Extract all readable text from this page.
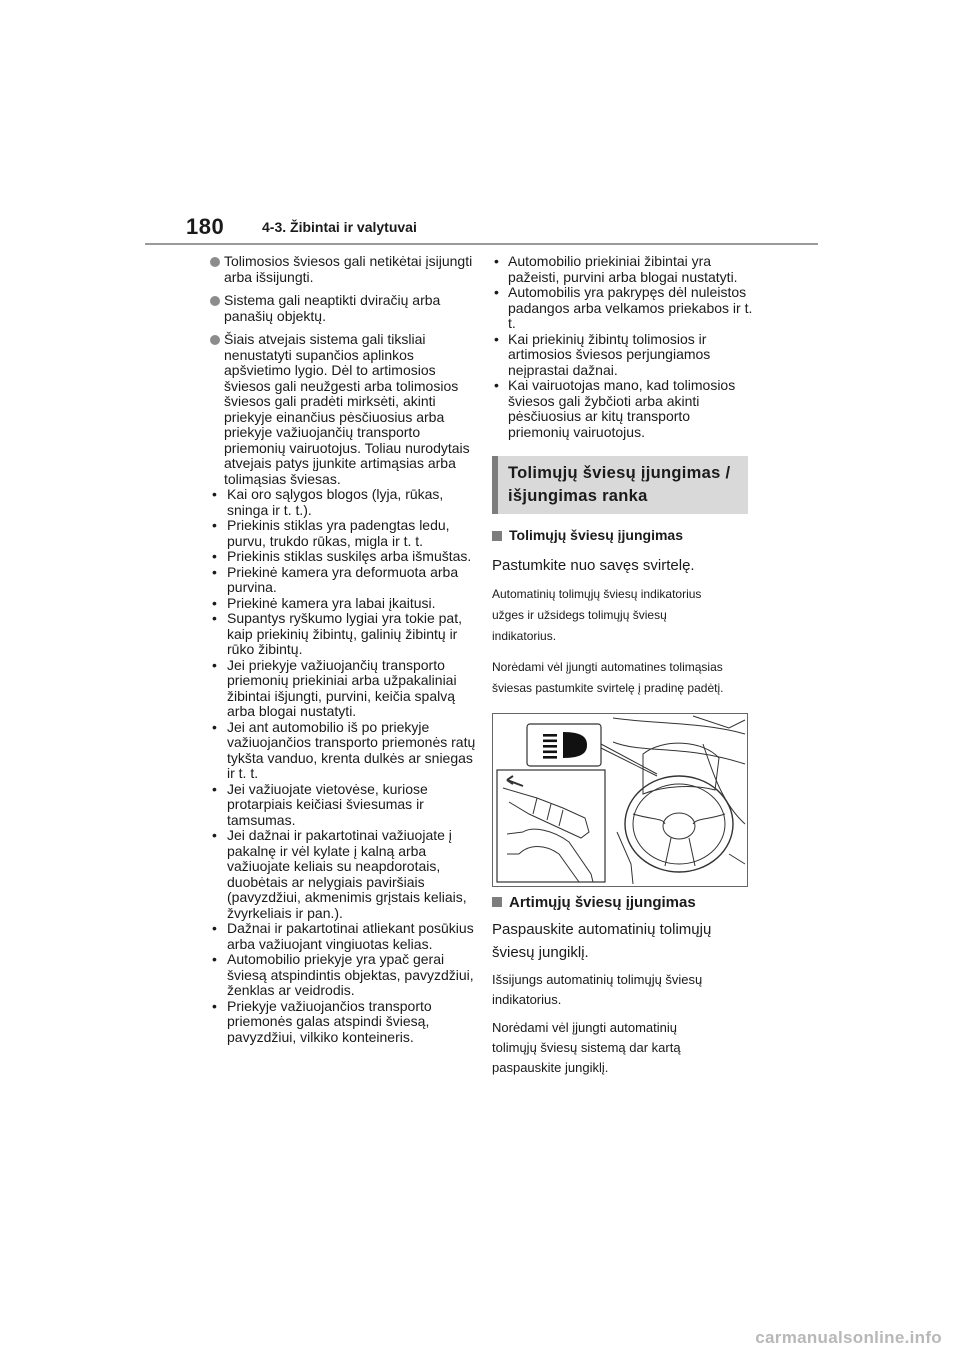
180	4-3. Žibintai ir valytuvai
Tolimosios šviesos gali netikėtai įsijungti arba išsijungti.
Sistema gali neaptikti dviračių arba panašių objektų.
Šiais atvejais sistema gali tiksliai nenustatyti supančios aplinkos apšvietimo lygio. Dėl to artimosios šviesos gali neužgesti arba tolimosios šviesos gali pradėti mirksėti, akinti priekyje einančius pėsčiuosius arba priekyje važiuojančių transporto priemonių vairuotojus. Toliau nurodytais atvejais patys įjunkite artimąsias arba tolimąsias šviesas.
• Kai oro sąlygos blogos (lyja, rūkas, sninga ir t. t.).
• Priekinis stiklas yra padengtas ledu, purvu, trukdo rūkas, migla ir t. t.
• Priekinis stiklas suskilęs arba išmuštas.
• Priekinė kamera yra deformuota arba purvina.
• Priekinė kamera yra labai įkaitusi.
• Supantys ryškumo lygiai yra tokie pat, kaip priekinių žibintų, galinių žibintų ir rūko žibintų.
• Jei priekyje važiuojančių transporto priemonių priekiniai arba užpakaliniai žibintai išjungti, purvini, keičia spalvą arba blogai nustatyti.
• Jei ant automobilio iš po priekyje važiuojančios transporto priemonės ratų tykšta vanduo, krenta dulkės ar sniegas ir t. t.
• Jei važiuojate vietovėse, kuriose protarpiais keičiasi šviesumas ir tamsumas.
• Jei dažnai ir pakartotinai važiuojate į pakalnę ir vėl kylate į kalną arba važiuojate keliais su neapdorotais, duobėtais ar nelygiais paviršiais (pavyzdžiui, akmenimis grįstais keliais, žvyrkeliais ir pan.).
• Dažnai ir pakartotinai atliekant posūkius arba važiuojant vingiuotas kelias.
• Automobilio priekyje yra ypač gerai šviesą atspindintis objektas, pavyzdžiui, ženklas ar veidrodis.
• Priekyje važiuojančios transporto priemonės galas atspindi šviesą, pavyzdžiui, vilkiko konteineris.
• Automobilio priekiniai žibintai yra pažeisti, purvini arba blogai nustatyti.
• Automobilis yra pakrypęs dėl nuleistos padangos arba velkamos priekabos ir t. t.
• Kai priekinių žibintų tolimosios ir artimosios šviesos perjungiamos neįprastai dažnai.
• Kai vairuotojas mano, kad tolimosios šviesos gali žybčioti arba akinti pėsčiuosius ar kitų transporto priemonių vairuotojus.
Tolimųjų šviesų įjungimas /
išjungimas ranka
Tolimųjų šviesų įjungimas
Pastumkite nuo savęs svirtelę.
Automatinių tolimųjų šviesų indikatorius
užges ir užsidegs tolimųjų šviesų
indikatorius.
Norėdami vėl įjungti automatines tolimąsias
šviesas pastumkite svirtelę į pradinę padėtį.
Artimųjų šviesų įjungimas
Paspauskite automatinių tolimųjų
šviesų jungiklį.
Išsijungs automatinių tolimųjų šviesų
indikatorius.
Norėdami vėl įjungti automatinių
tolimųjų šviesų sistemą dar kartą
paspauskite jungiklį.
carmanualsonline.info
